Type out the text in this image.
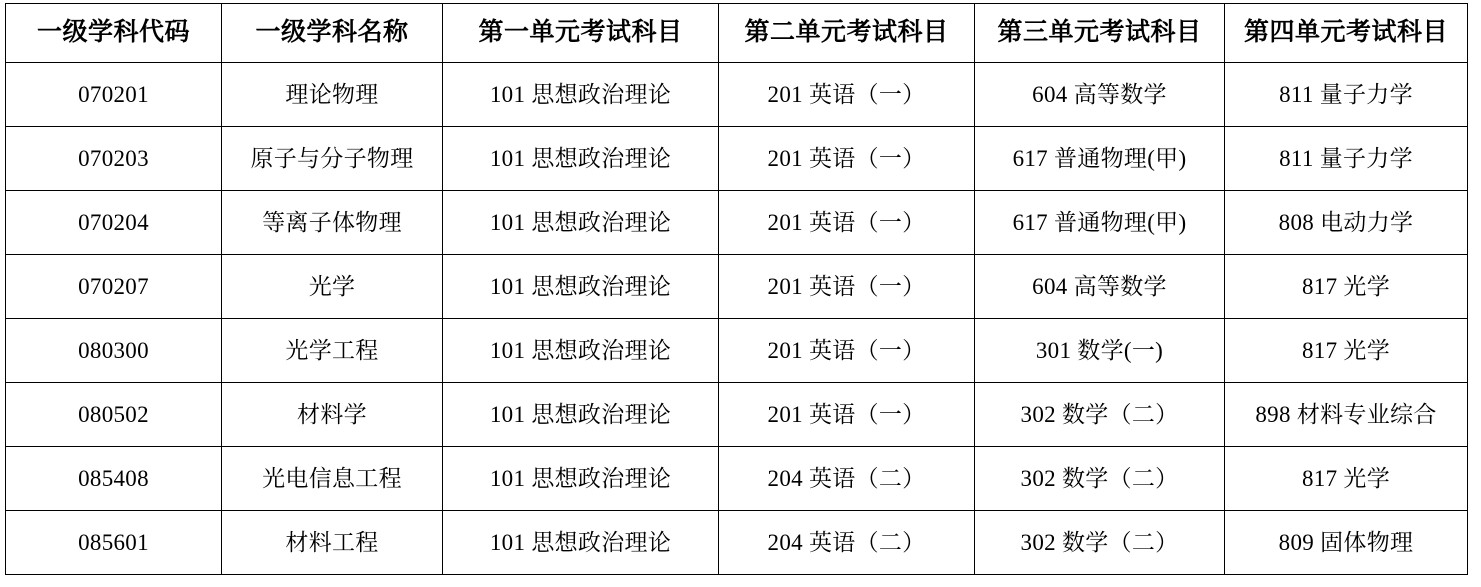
一级学科代码	一级学科名称	第一单元考试科目	第二单元考试科目	第三单元考试科目	第四单元考试科目
070201	理论物理	101 思想政治理论	201 英语（一）	604 高等数学	811 量子力学
070203	原子与分子物理	101 思想政治理论	201 英语（一）	617 普通物理(甲)	811 量子力学
070204	等离子体物理	101 思想政治理论	201 英语（一）	617 普通物理(甲)	808 电动力学
070207	光学	101 思想政治理论	201 英语（一）	604 高等数学	817 光学
080300	光学工程	101 思想政治理论	201 英语（一）	301 数学(一)	817 光学
080502	材料学	101 思想政治理论	201 英语（一）	302 数学（二）	898 材料专业综合
085408	光电信息工程	101 思想政治理论	204 英语（二）	302 数学（二）	817 光学
085601	材料工程	101 思想政治理论	204 英语（二）	302 数学（二）	809 固体物理
